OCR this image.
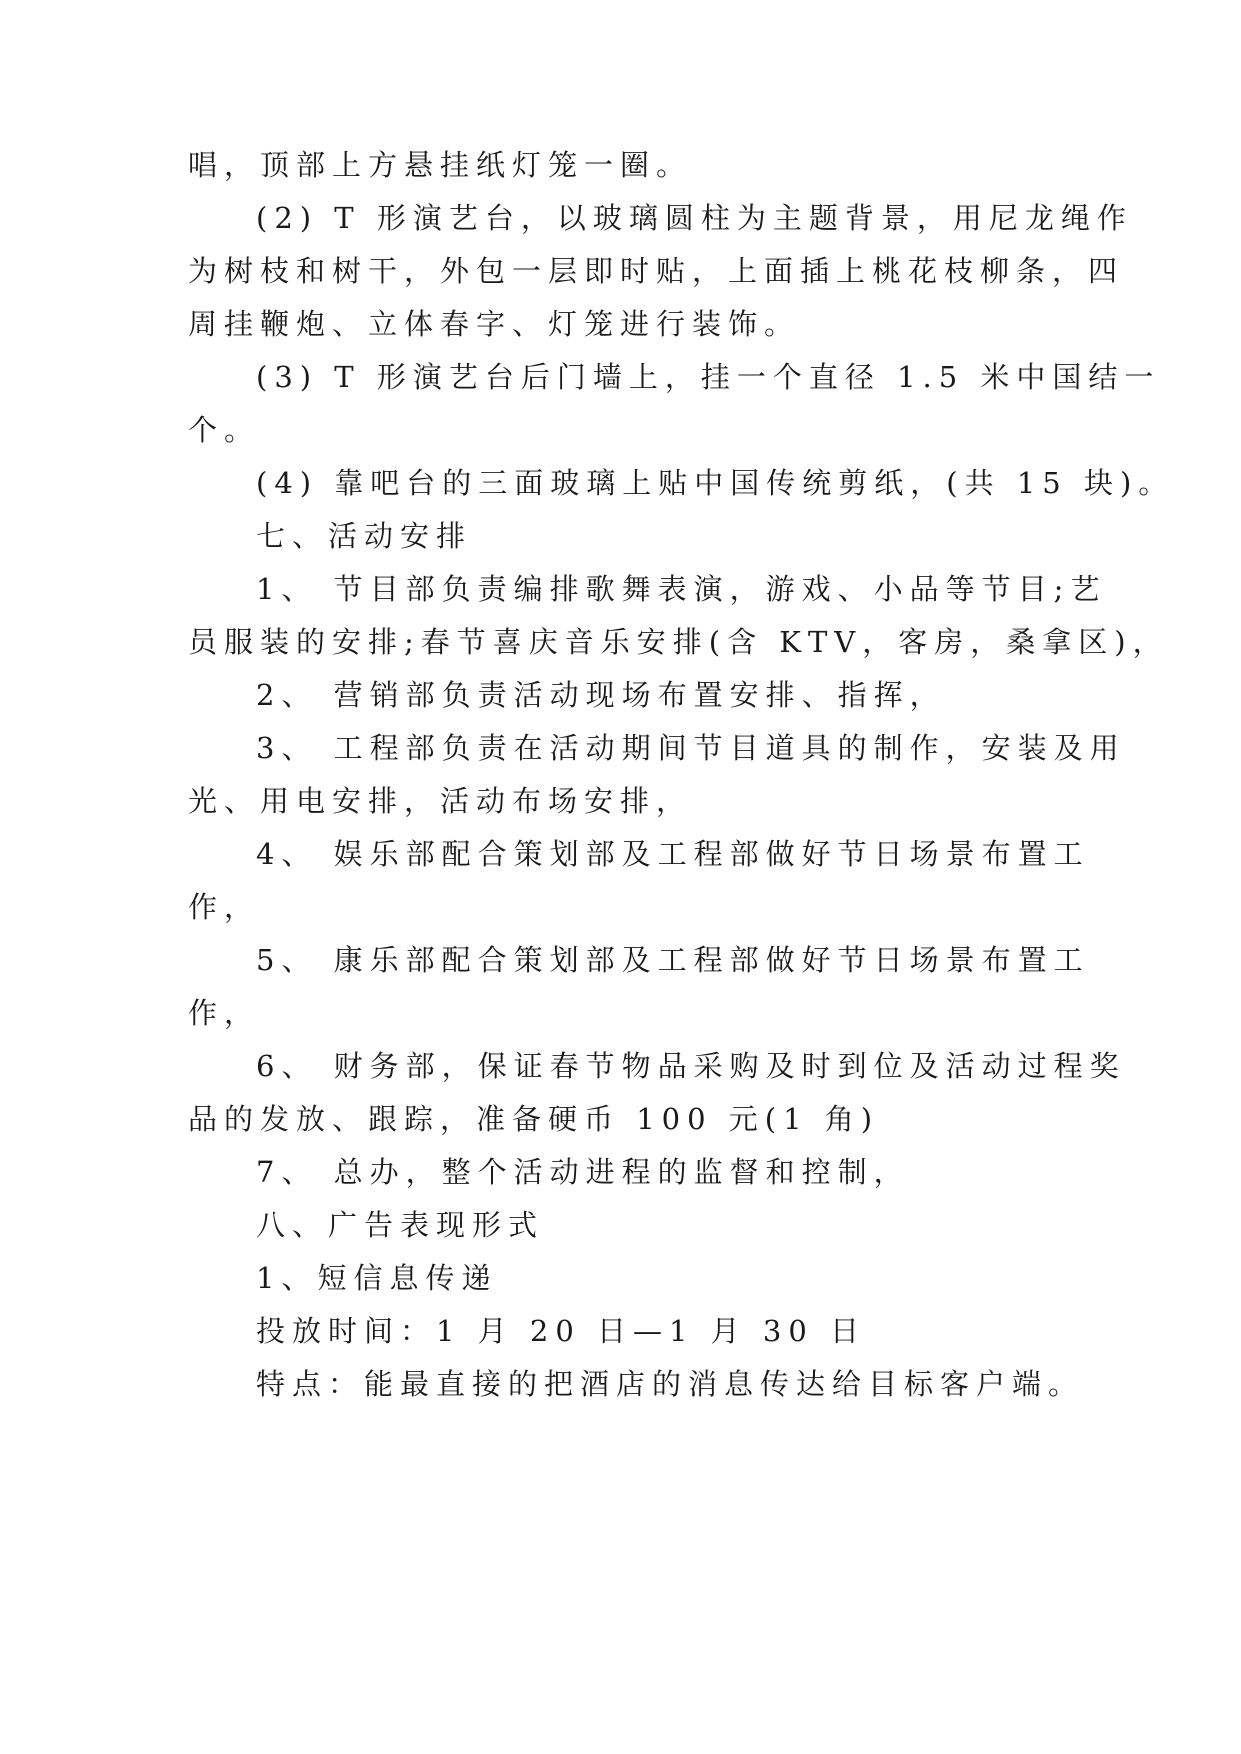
唱，顶部上方悬挂纸灯笼一圈。
(2) T 形演艺台，以玻璃圆柱为主题背景，用尼龙绳作
为树枝和树干，外包一层即时贴，上面插上桃花枝柳条，四
周挂鞭炮、立体春字、灯笼进行装饰。
(3) T 形演艺台后门墙上，挂一个直径 1.5 米中国结一
个。
(4) 靠吧台的三面玻璃上贴中国传统剪纸，(共 15 块)。
七、活动安排
1、 节目部负责编排歌舞表演，游戏、小品等节目;艺
员服装的安排;春节喜庆音乐安排(含 KTV，客房，桑拿区)，
2、 营销部负责活动现场布置安排、指挥，
3、 工程部负责在活动期间节目道具的制作，安装及用
光、用电安排，活动布场安排，
4、 娱乐部配合策划部及工程部做好节日场景布置工
作，
5、 康乐部配合策划部及工程部做好节日场景布置工
作，
6、 财务部，保证春节物品采购及时到位及活动过程奖
品的发放、跟踪，准备硬币 100 元(1 角)
7、 总办，整个活动进程的监督和控制，
八、广告表现形式
1、短信息传递
投放时间：1 月 20 日—1 月 30 日
特点：能最直接的把酒店的消息传达给目标客户端。
